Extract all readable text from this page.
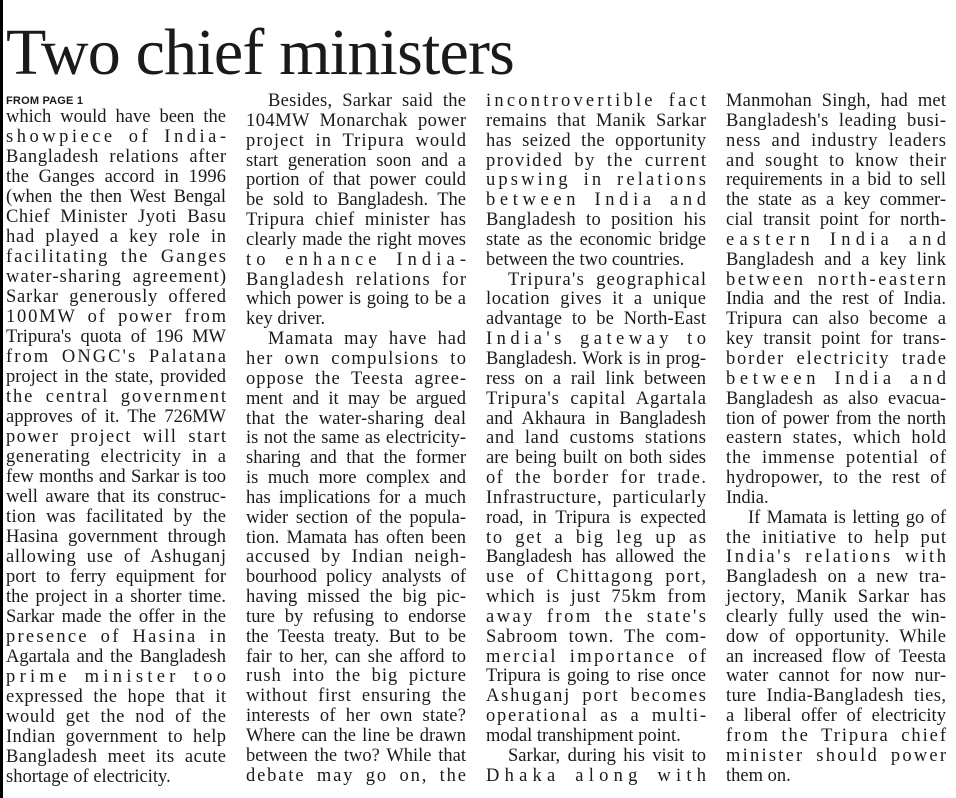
Two chief ministers
FROM PAGE 1
which would have been the
showpiece of India-
Bangladesh relations after
the Ganges accord in 1996
(when the then West Bengal
Chief Minister Jyoti Basu
had played a key role in
facilitating the Ganges
water-sharing agreement)
Sarkar generously offered
100MW of power from
Tripura's quota of 196 MW
from ONGC's Palatana
project in the state, provided
the central government
approves of it. The 726MW
power project will start
generating electricity in a
few months and Sarkar is too
well aware that its construc-
tion was facilitated by the
Hasina government through
allowing use of Ashuganj
port to ferry equipment for
the project in a shorter time.
Sarkar made the offer in the
presence of Hasina in
Agartala and the Bangladesh
prime minister too
expressed the hope that it
would get the nod of the
Indian government to help
Bangladesh meet its acute
shortage of electricity.
Besides, Sarkar said the
104MW Monarchak power
project in Tripura would
start generation soon and a
portion of that power could
be sold to Bangladesh. The
Tripura chief minister has
clearly made the right moves
to enhance India-
Bangladesh relations for
which power is going to be a
key driver.
Mamata may have had
her own compulsions to
oppose the Teesta agree-
ment and it may be argued
that the water-sharing deal
is not the same as electricity-
sharing and that the former
is much more complex and
has implications for a much
wider section of the popula-
tion. Mamata has often been
accused by Indian neigh-
bourhood policy analysts of
having missed the big pic-
ture by refusing to endorse
the Teesta treaty. But to be
fair to her, can she afford to
rush into the big picture
without first ensuring the
interests of her own state?
Where can the line be drawn
between the two? While that
debate may go on, the
incontrovertible fact
remains that Manik Sarkar
has seized the opportunity
provided by the current
upswing in relations
between India and
Bangladesh to position his
state as the economic bridge
between the two countries.
Tripura's geographical
location gives it a unique
advantage to be North-East
India's gateway to
Bangladesh. Work is in prog-
ress on a rail link between
Tripura's capital Agartala
and Akhaura in Bangladesh
and land customs stations
are being built on both sides
of the border for trade.
Infrastructure, particularly
road, in Tripura is expected
to get a big leg up as
Bangladesh has allowed the
use of Chittagong port,
which is just 75km from
away from the state's
Sabroom town. The com-
mercial importance of
Tripura is going to rise once
Ashuganj port becomes
operational as a multi-
modal transhipment point.
Sarkar, during his visit to
Dhaka along with
Manmohan Singh, had met
Bangladesh's leading busi-
ness and industry leaders
and sought to know their
requirements in a bid to sell
the state as a key commer-
cial transit point for north-
eastern India and
Bangladesh and a key link
between north-eastern
India and the rest of India.
Tripura can also become a
key transit point for trans-
border electricity trade
between India and
Bangladesh as also evacua-
tion of power from the north
eastern states, which hold
the immense potential of
hydropower, to the rest of
India.
If Mamata is letting go of
the initiative to help put
India's relations with
Bangladesh on a new tra-
jectory, Manik Sarkar has
clearly fully used the win-
dow of opportunity. While
an increased flow of Teesta
water cannot for now nur-
ture India-Bangladesh ties,
a liberal offer of electricity
from the Tripura chief
minister should power
them on.
